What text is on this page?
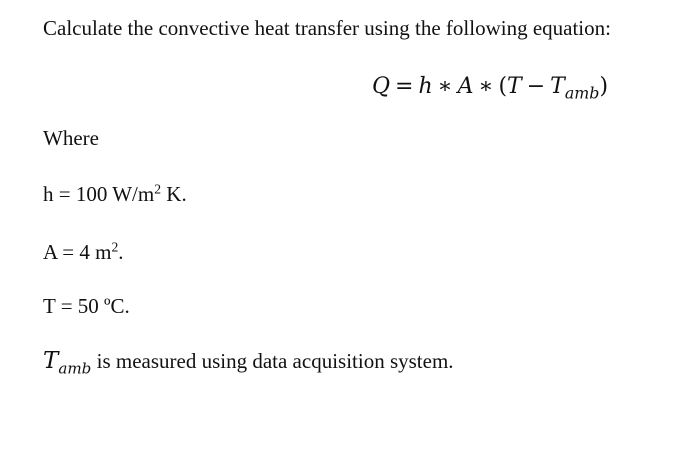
Calculate the convective heat transfer using the following equation:
Q = h ∗ A ∗ $(T - T_{amb})$
Where
h = 100 $W/m^2$ K.
A = 4 $m^2$.
T = 50 ºC.
$T_{amb}$ is measured using data acquisition system.
